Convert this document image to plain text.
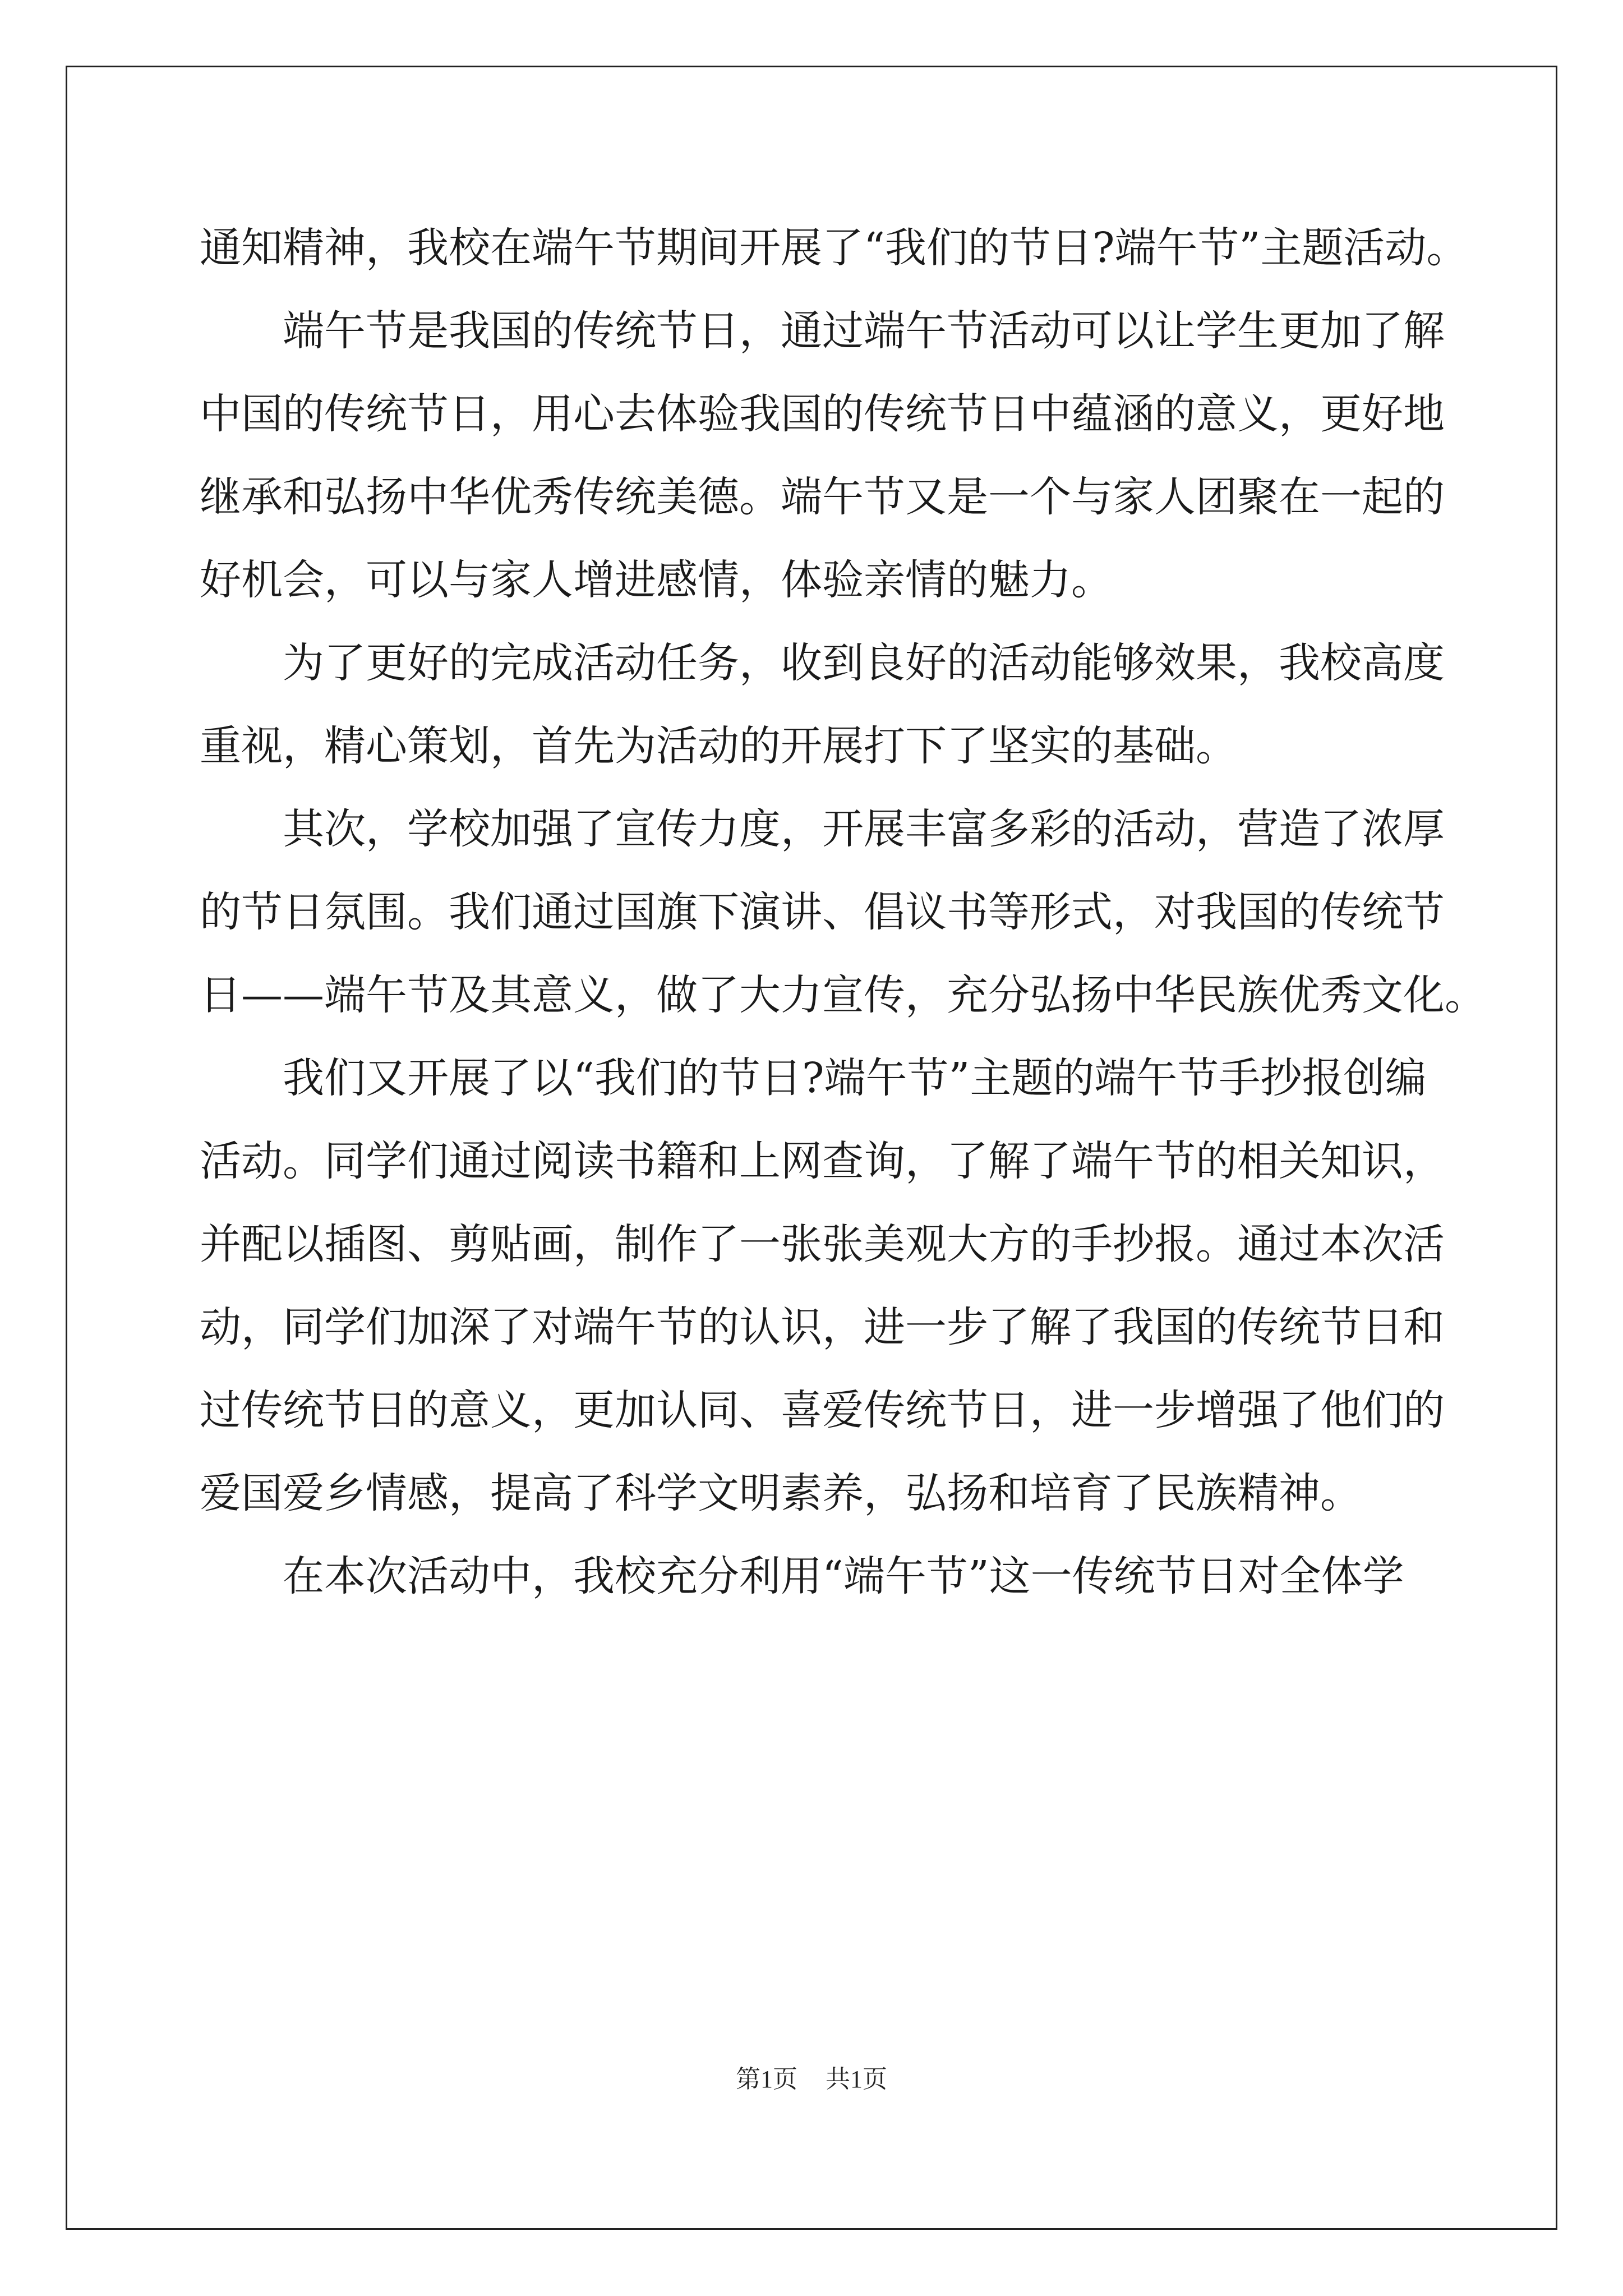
通知精神，我校在端午节期间开展了“我们的节日?端午节”主题活动。
端午节是我国的传统节日，通过端午节活动可以让学生更加了解
中国的传统节日，用心去体验我国的传统节日中蕴涵的意义，更好地
继承和弘扬中华优秀传统美德。端午节又是一个与家人团聚在一起的
好机会，可以与家人增进感情，体验亲情的魅力。
为了更好的完成活动任务，收到良好的活动能够效果，我校高度
重视，精心策划，首先为活动的开展打下了坚实的基础。
其次，学校加强了宣传力度，开展丰富多彩的活动，营造了浓厚
的节日氛围。我们通过国旗下演讲、倡议书等形式，对我国的传统节
日——端午节及其意义，做了大力宣传，充分弘扬中华民族优秀文化。
我们又开展了以“我们的节日?端午节”主题的端午节手抄报创编
活动。同学们通过阅读书籍和上网查询，了解了端午节的相关知识，
并配以插图、剪贴画，制作了一张张美观大方的手抄报。通过本次活
动，同学们加深了对端午节的认识，进一步了解了我国的传统节日和
过传统节日的意义，更加认同、喜爱传统节日，进一步增强了他们的
爱国爱乡情感，提高了科学文明素养，弘扬和培育了民族精神。
在本次活动中，我校充分利用“端午节”这一传统节日对全体学
第1页 共1页
